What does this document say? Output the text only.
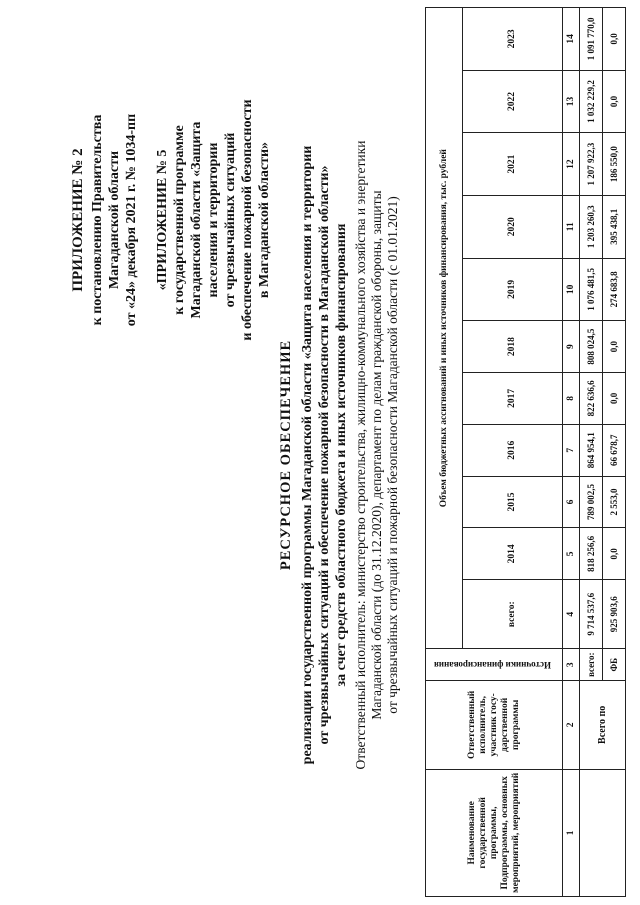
ПРИЛОЖЕНИЕ № 2 к постановлению Правительства Магаданской области от «24» декабря 2021 г. № 1034-пп «ПРИЛОЖЕНИЕ № 5 к государственной программе Магаданской области «Защита населения и территории от чрезвычайных ситуаций и обеспечение пожарной безопасности в Магаданской области»
РЕСУРСНОЕ ОБЕСПЕЧЕНИЕ реализации государственной программы Магаданской области «Защита населения и территории от чрезвычайных ситуаций и обеспечение пожарной безопасности в Магаданской области» за счет средств областного бюджета и иных источников финансирования Ответственный исполнитель: министерство строительства, жилищно-коммунального хозяйства и энергетики Магаданской области (до 31.12.2020), департамент по делам гражданской обороны, защиты от чрезвычайных ситуаций и пожарной безопасности Магаданской области (с 01.01.2021)
Наименование государственной программы, Подпрограммы, основных мероприятий, мероприятий	Ответственный исполнитель, участник госу-дарственной программы	Источники финансирования	Объем бюджетных ассигнований и иных источников финансирования, тыс. рублей										
			всего:	2014	2015	2016	2017	2018	2019	2020	2021	2022	2023
1	2	3	4	5	6	7	8	9	10	11	12	13	14
	Всего по	всего:	9 714 537,6	818 256,6	789 002,5	864 954,1	822 636,6	808 024,5	1 076 481,5	1 203 260,3	1 207 922,3	1 032 229,2	1 091 770,0
		ФБ	925 903,6	0,0	2 553,0	66 678,7	0,0	0,0	274 683,8	395 438,1	186 550,0	0,0	0,0
